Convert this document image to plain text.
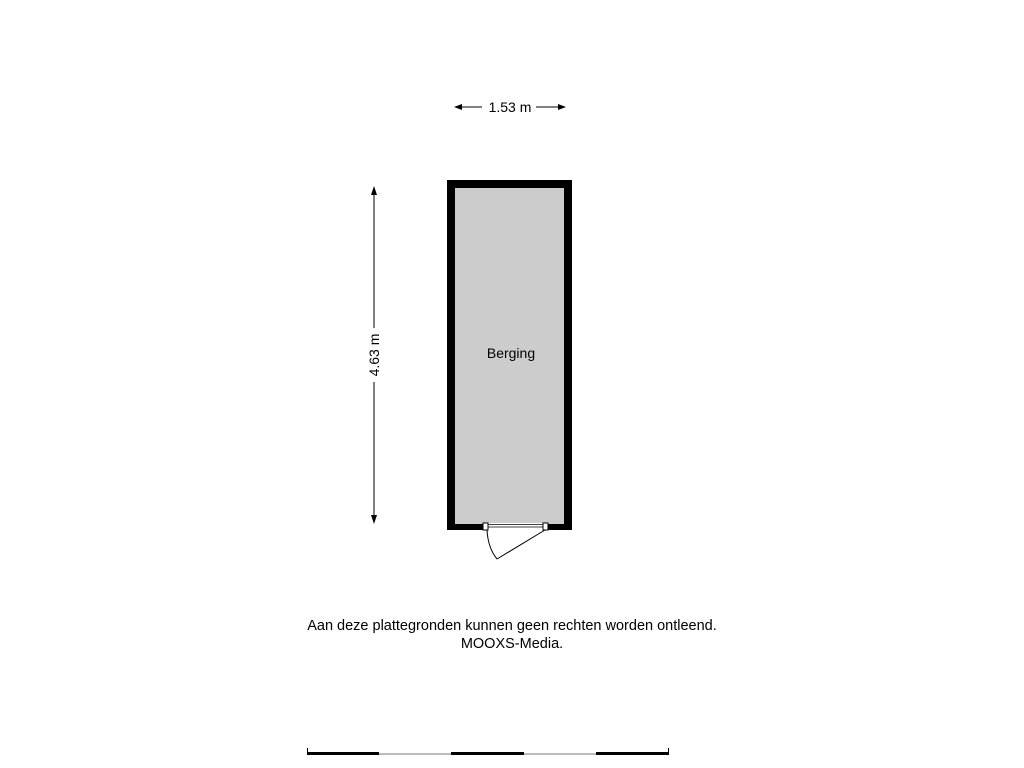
1.53 m
4.63 m	Berging
Aan deze plattegronden kunnen geen rechten worden ontleend.
MOOXS-Media.
